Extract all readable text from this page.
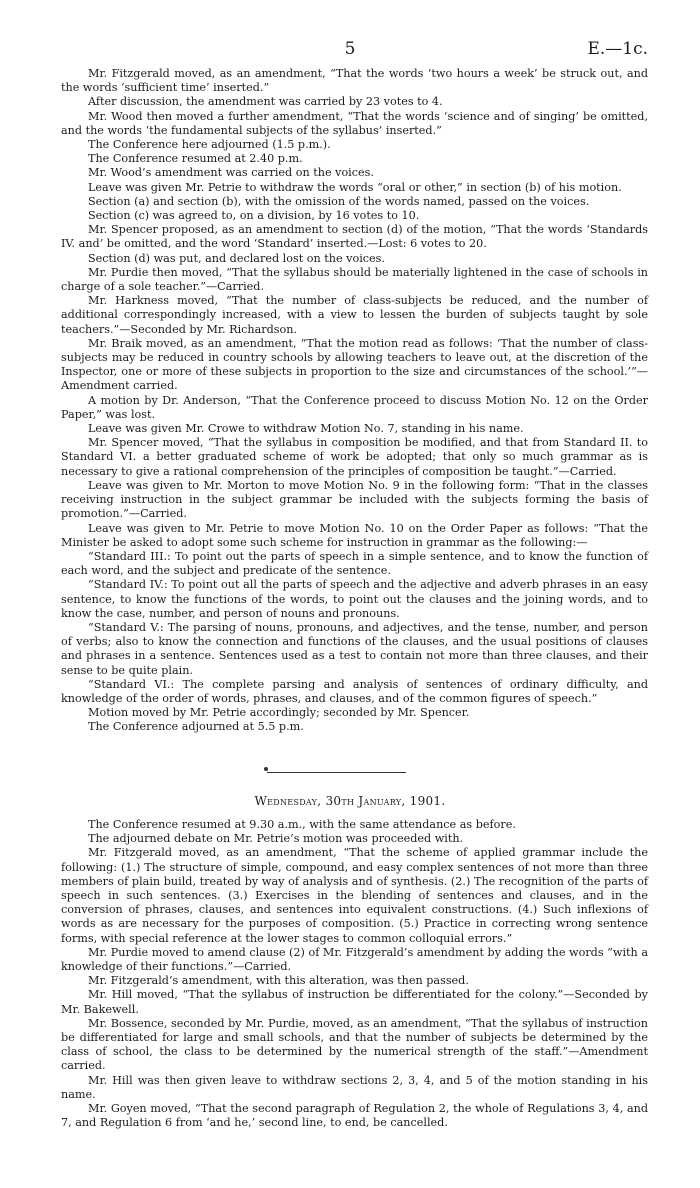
5	E.—1c.

Mr. Fitzgerald moved, as an amendment, “That the words ‘two hours a week’ be struck out, and the words ‘sufficient time’ inserted.”

After discussion, the amendment was carried by 23 votes to 4.

Mr. Wood then moved a further amendment, “That the words ‘science and of singing’ be omitted, and the words ‘the fundamental subjects of the syllabus’ inserted.”

The Conference here adjourned (1.5 p.m.).

The Conference resumed at 2.40 p.m.

Mr. Wood’s amendment was carried on the voices.

Leave was given Mr. Petrie to withdraw the words “oral or other,” in section (b) of his motion.

Section (a) and section (b), with the omission of the words named, passed on the voices.

Section (c) was agreed to, on a division, by 16 votes to 10.

Mr. Spencer proposed, as an amendment to section (d) of the motion, “That the words ‘Standards IV. and’ be omitted, and the word ‘Standard’ inserted.—Lost: 6 votes to 20.

Section (d) was put, and declared lost on the voices.

Mr. Purdie then moved, “That the syllabus should be materially lightened in the case of schools in charge of a sole teacher.”—Carried.

Mr. Harkness moved, “That the number of class-subjects be reduced, and the number of additional correspondingly increased, with a view to lessen the burden of subjects taught by sole teachers.”—Seconded by Mr. Richardson.

Mr. Braik moved, as an amendment, “That the motion read as follows: ‘That the number of class-subjects may be reduced in country schools by allowing teachers to leave out, at the discretion of the Inspector, one or more of these subjects in proportion to the size and circumstances of the school.’”—Amendment carried.

A motion by Dr. Anderson, “That the Conference proceed to discuss Motion No. 12 on the Order Paper,” was lost.

Leave was given Mr. Crowe to withdraw Motion No. 7, standing in his name.

Mr. Spencer moved, “That the syllabus in composition be modified, and that from Standard II. to Standard VI. a better graduated scheme of work be adopted; that only so much grammar as is necessary to give a rational comprehension of the principles of composition be taught.”—Carried.

Leave was given to Mr. Morton to move Motion No. 9 in the following form: “That in the classes receiving instruction in the subject grammar be included with the subjects forming the basis of promotion.”—Carried.

Leave was given to Mr. Petrie to move Motion No. 10 on the Order Paper as follows: “That the Minister be asked to adopt some such scheme for instruction in grammar as the following:—

“Standard III.: To point out the parts of speech in a simple sentence, and to know the function of each word, and the subject and predicate of the sentence.

“Standard IV.: To point out all the parts of speech and the adjective and adverb phrases in an easy sentence, to know the functions of the words, to point out the clauses and the joining words, and to know the case, number, and person of nouns and pronouns.

“Standard V.: The parsing of nouns, pronouns, and adjectives, and the tense, number, and person of verbs; also to know the connection and functions of the clauses, and the usual positions of clauses and phrases in a sentence. Sentences used as a test to contain not more than three clauses, and their sense to be quite plain.

“Standard VI.: The complete parsing and analysis of sentences of ordinary difficulty, and knowledge of the order of words, phrases, and clauses, and of the common figures of speech.”

Motion moved by Mr. Petrie accordingly; seconded by Mr. Spencer.

The Conference adjourned at 5.5 p.m.

Wednesday, 30th January, 1901.

The Conference resumed at 9.30 a.m., with the same attendance as before.

The adjourned debate on Mr. Petrie’s motion was proceeded with.

Mr. Fitzgerald moved, as an amendment, “That the scheme of applied grammar include the following: (1.) The structure of simple, compound, and easy complex sentences of not more than three members of plain build, treated by way of analysis and of synthesis. (2.) The recognition of the parts of speech in such sentences. (3.) Exercises in the blending of sentences and clauses, and in the conversion of phrases, clauses, and sentences into equivalent constructions. (4.) Such inflexions of words as are necessary for the purposes of composition. (5.) Practice in correcting wrong sentence forms, with special reference at the lower stages to common colloquial errors.”

Mr. Purdie moved to amend clause (2) of Mr. Fitzgerald’s amendment by adding the words “with a knowledge of their functions.”—Carried.

Mr. Fitzgerald’s amendment, with this alteration, was then passed.

Mr. Hill moved, “That the syllabus of instruction be differentiated for the colony.”—Seconded by Mr. Bakewell.

Mr. Bossence, seconded by Mr. Purdie, moved, as an amendment, “That the syllabus of instruction be differentiated for large and small schools, and that the number of subjects be determined by the class of school, the class to be determined by the numerical strength of the staff.”—Amendment carried.

Mr. Hill was then given leave to withdraw sections 2, 3, 4, and 5 of the motion standing in his name.

Mr. Goyen moved, “That the second paragraph of Regulation 2, the whole of Regulations 3, 4, and 7, and Regulation 6 from ‘and he,’ second line, to end, be cancelled.
